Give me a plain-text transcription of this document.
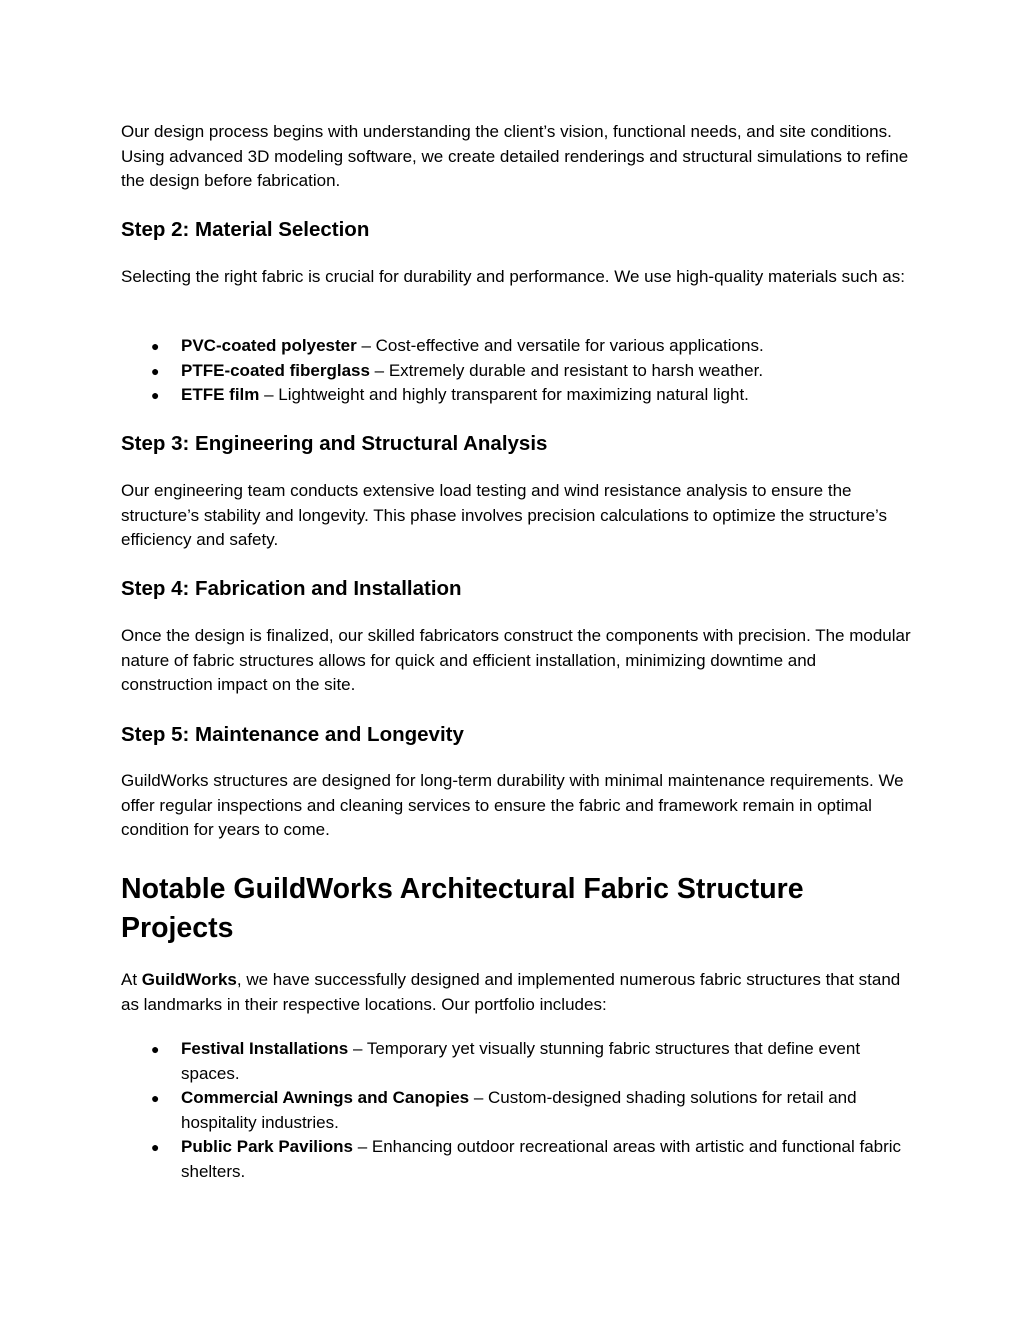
Our design process begins with understanding the client’s vision, functional needs, and site conditions. Using advanced 3D modeling software, we create detailed renderings and structural simulations to refine the design before fabrication.

Step 2: Material Selection

Selecting the right fabric is crucial for durability and performance. We use high-quality materials such as:

● PVC-coated polyester – Cost-effective and versatile for various applications.
● PTFE-coated fiberglass – Extremely durable and resistant to harsh weather.
● ETFE film – Lightweight and highly transparent for maximizing natural light.
Step 3: Engineering and Structural Analysis

Our engineering team conducts extensive load testing and wind resistance analysis to ensure the structure’s stability and longevity. This phase involves precision calculations to optimize the structure’s efficiency and safety.

Step 4: Fabrication and Installation

Once the design is finalized, our skilled fabricators construct the components with precision. The modular nature of fabric structures allows for quick and efficient installation, minimizing downtime and construction impact on the site.

Step 5: Maintenance and Longevity

GuildWorks structures are designed for long-term durability with minimal maintenance requirements. We offer regular inspections and cleaning services to ensure the fabric and framework remain in optimal condition for years to come.

Notable GuildWorks Architectural Fabric Structure Projects

At GuildWorks, we have successfully designed and implemented numerous fabric structures that stand as landmarks in their respective locations. Our portfolio includes:

● Festival Installations – Temporary yet visually stunning fabric structures that define event spaces.
● Commercial Awnings and Canopies – Custom-designed shading solutions for retail and hospitality industries.
● Public Park Pavilions – Enhancing outdoor recreational areas with artistic and functional fabric shelters.
